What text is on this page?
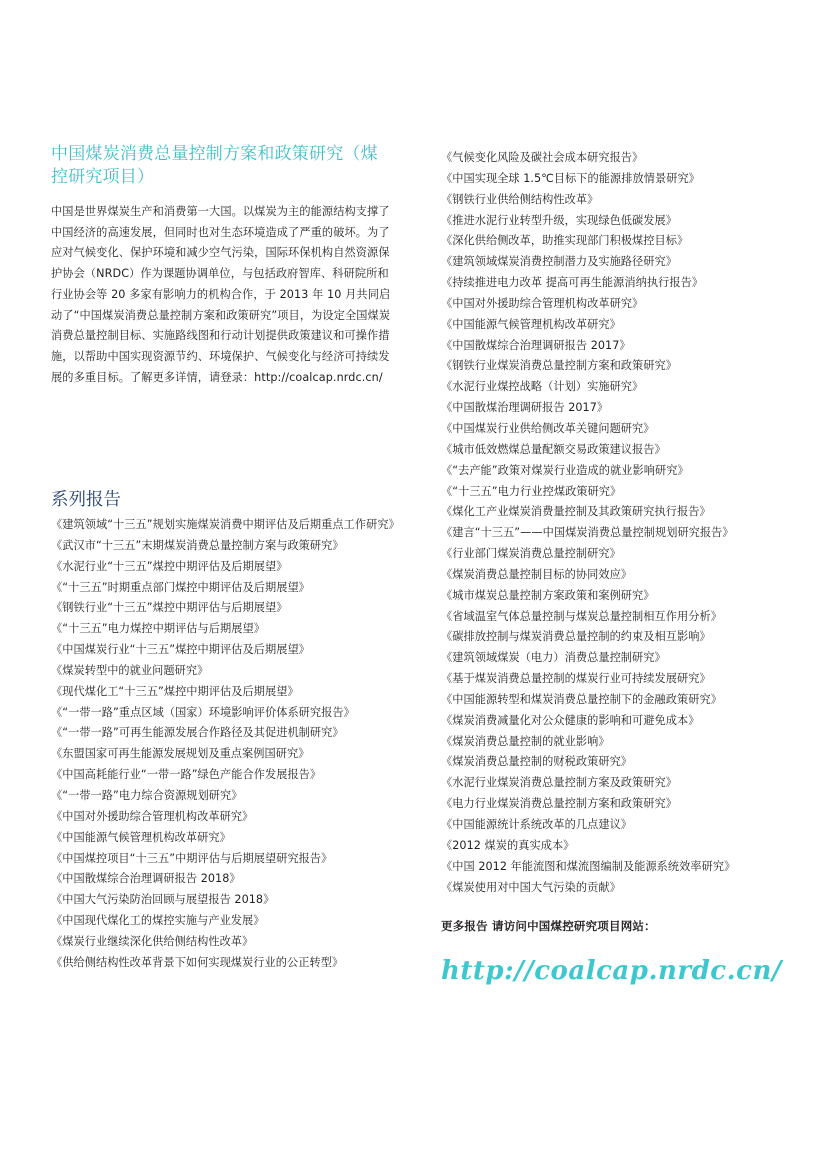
中国煤炭消费总量控制方案和政策研究（煤控研究项目）

中国是世界煤炭生产和消费第一大国。以煤炭为主的能源结构支撑了中国经济的高速发展，但同时也对生态环境造成了严重的破坏。为了应对气候变化、保护环境和减少空气污染，国际环保机构自然资源保护协会（NRDC）作为课题协调单位，与包括政府智库、科研院所和行业协会等 20 多家有影响力的机构合作，于 2013 年 10 月共同启动了“中国煤炭消费总量控制方案和政策研究”项目，为设定全国煤炭消费总量控制目标、实施路线图和行动计划提供政策建议和可操作措施，以帮助中国实现资源节约、环境保护、气候变化与经济可持续发展的多重目标。了解更多详情，请登录：http://coalcap.nrdc.cn/

系列报告
《建筑领域“十三五”规划实施煤炭消费中期评估及后期重点工作研究》
《武汉市“十三五”末期煤炭消费总量控制方案与政策研究》
《水泥行业“十三五”煤控中期评估及后期展望》
《“十三五”时期重点部门煤控中期评估及后期展望》
《钢铁行业“十三五”煤控中期评估与后期展望》
《“十三五”电力煤控中期评估与后期展望》
《中国煤炭行业“十三五”煤控中期评估及后期展望》
《煤炭转型中的就业问题研究》
《现代煤化工“十三五”煤控中期评估及后期展望》
《“一带一路”重点区域（国家）环境影响评价体系研究报告》
《“一带一路”可再生能源发展合作路径及其促进机制研究》
《东盟国家可再生能源发展规划及重点案例国研究》
《中国高耗能行业“一带一路”绿色产能合作发展报告》
《“一带一路”电力综合资源规划研究》
《中国对外援助综合管理机构改革研究》
《中国能源气候管理机构改革研究》
《中国煤控项目“十三五”中期评估与后期展望研究报告》
《中国散煤综合治理调研报告 2018》
《中国大气污染防治回顾与展望报告 2018》
《中国现代煤化工的煤控实施与产业发展》
《煤炭行业继续深化供给侧结构性改革》
《供给侧结构性改革背景下如何实现煤炭行业的公正转型》
《气候变化风险及碳社会成本研究报告》
《中国实现全球 1.5℃目标下的能源排放情景研究》
《钢铁行业供给侧结构性改革》
《推进水泥行业转型升级，实现绿色低碳发展》
《深化供给侧改革，助推实现部门积极煤控目标》
《建筑领域煤炭消费控制潜力及实施路径研究》
《持续推进电力改革 提高可再生能源消纳执行报告》
《中国对外援助综合管理机构改革研究》
《中国能源气候管理机构改革研究》
《中国散煤综合治理调研报告 2017》
《钢铁行业煤炭消费总量控制方案和政策研究》
《水泥行业煤控战略（计划）实施研究》
《中国散煤治理调研报告 2017》
《中国煤炭行业供给侧改革关键问题研究》
《城市低效燃煤总量配额交易政策建议报告》
《“去产能”政策对煤炭行业造成的就业影响研究》
《“十三五”电力行业控煤政策研究》
《煤化工产业煤炭消费量控制及其政策研究执行报告》
《建言“十三五”——中国煤炭消费总量控制规划研究报告》
《行业部门煤炭消费总量控制研究》
《煤炭消费总量控制目标的协同效应》
《城市煤炭总量控制方案政策和案例研究》
《省域温室气体总量控制与煤炭总量控制相互作用分析》
《碳排放控制与煤炭消费总量控制的约束及相互影响》
《建筑领域煤炭（电力）消费总量控制研究》
《基于煤炭消费总量控制的煤炭行业可持续发展研究》
《中国能源转型和煤炭消费总量控制下的金融政策研究》
《煤炭消费减量化对公众健康的影响和可避免成本》
《煤炭消费总量控制的就业影响》
《煤炭消费总量控制的财税政策研究》
《水泥行业煤炭消费总量控制方案及政策研究》
《电力行业煤炭消费总量控制方案和政策研究》
《中国能源统计系统改革的几点建议》
《2012 煤炭的真实成本》
《中国 2012 年能流图和煤流图编制及能源系统效率研究》
《煤炭使用对中国大气污染的贡献》

更多报告 请访问中国煤控研究项目网站：

http://coalcap.nrdc.cn/
